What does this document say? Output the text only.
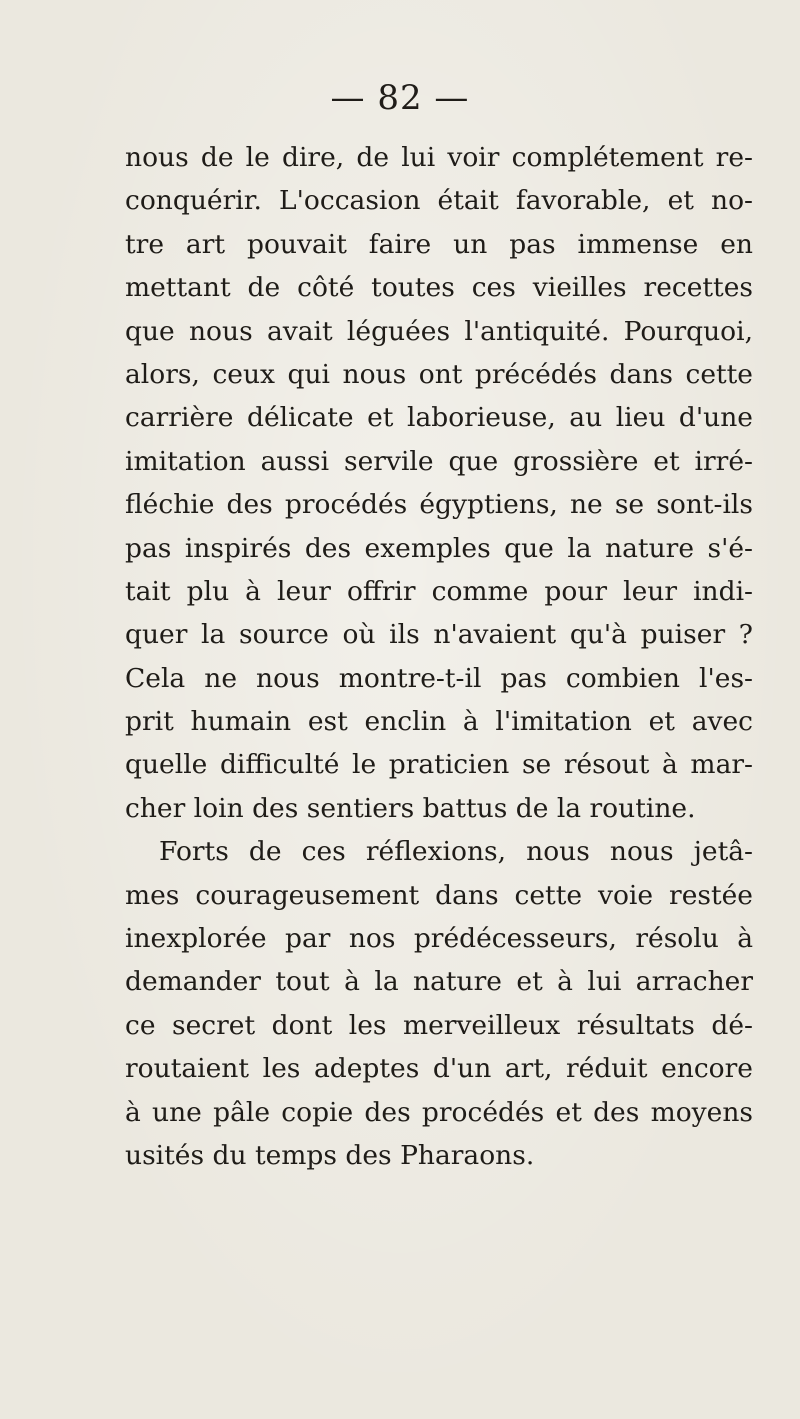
— 82 —
nous de le dire, de lui voir complétement re-
conquérir. L'occasion était favorable, et no-
tre art pouvait faire un pas immense en
mettant de côté toutes ces vieilles recettes
que nous avait léguées l'antiquité. Pourquoi,
alors, ceux qui nous ont précédés dans cette
carrière délicate et laborieuse, au lieu d'une
imitation aussi servile que grossière et irré-
fléchie des procédés égyptiens, ne se sont-ils
pas inspirés des exemples que la nature s'é-
tait plu à leur offrir comme pour leur indi-
quer la source où ils n'avaient qu'à puiser ?
Cela ne nous montre-t-il pas combien l'es-
prit humain est enclin à l'imitation et avec
quelle difficulté le praticien se résout à mar-
cher loin des sentiers battus de la routine.
Forts de ces réflexions, nous nous jetâ-
mes courageusement dans cette voie restée
inexplorée par nos prédécesseurs, résolu à
demander tout à la nature et à lui arracher
ce secret dont les merveilleux résultats dé-
routaient les adeptes d'un art, réduit encore
à une pâle copie des procédés et des moyens
usités du temps des Pharaons.
